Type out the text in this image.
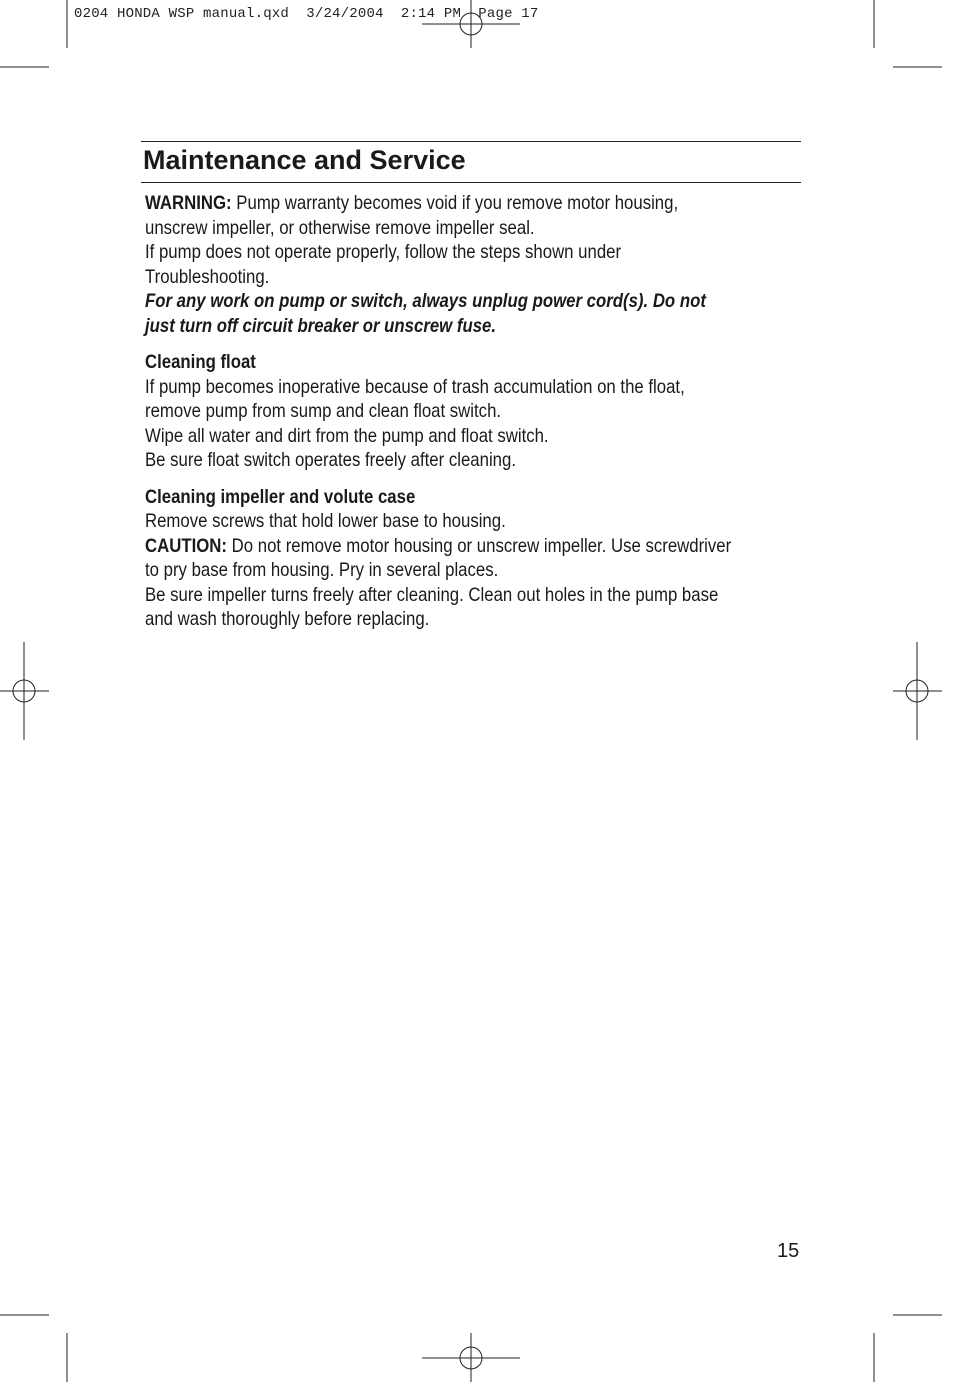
0204 HONDA WSP manual.qxd  3/24/2004  2:14 PM  Page 17
Maintenance and Service

WARNING: Pump warranty becomes void if you remove motor housing,

unscrew impeller, or otherwise remove impeller seal.

If pump does not operate properly, follow the steps shown under

Troubleshooting.

For any work on pump or switch, always unplug power cord(s). Do not

just turn off circuit breaker or unscrew fuse.

Cleaning float

If pump becomes inoperative because of trash accumulation on the float,

remove pump from sump and clean float switch.

Wipe all water and dirt from the pump and float switch.

Be sure float switch operates freely after cleaning.

Cleaning impeller and volute case

Remove screws that hold lower base to housing.

CAUTION: Do not remove motor housing or unscrew impeller. Use screwdriver

to pry base from housing. Pry in several places.

Be sure impeller turns freely after cleaning. Clean out holes in the pump base

and wash thoroughly before replacing.

15
